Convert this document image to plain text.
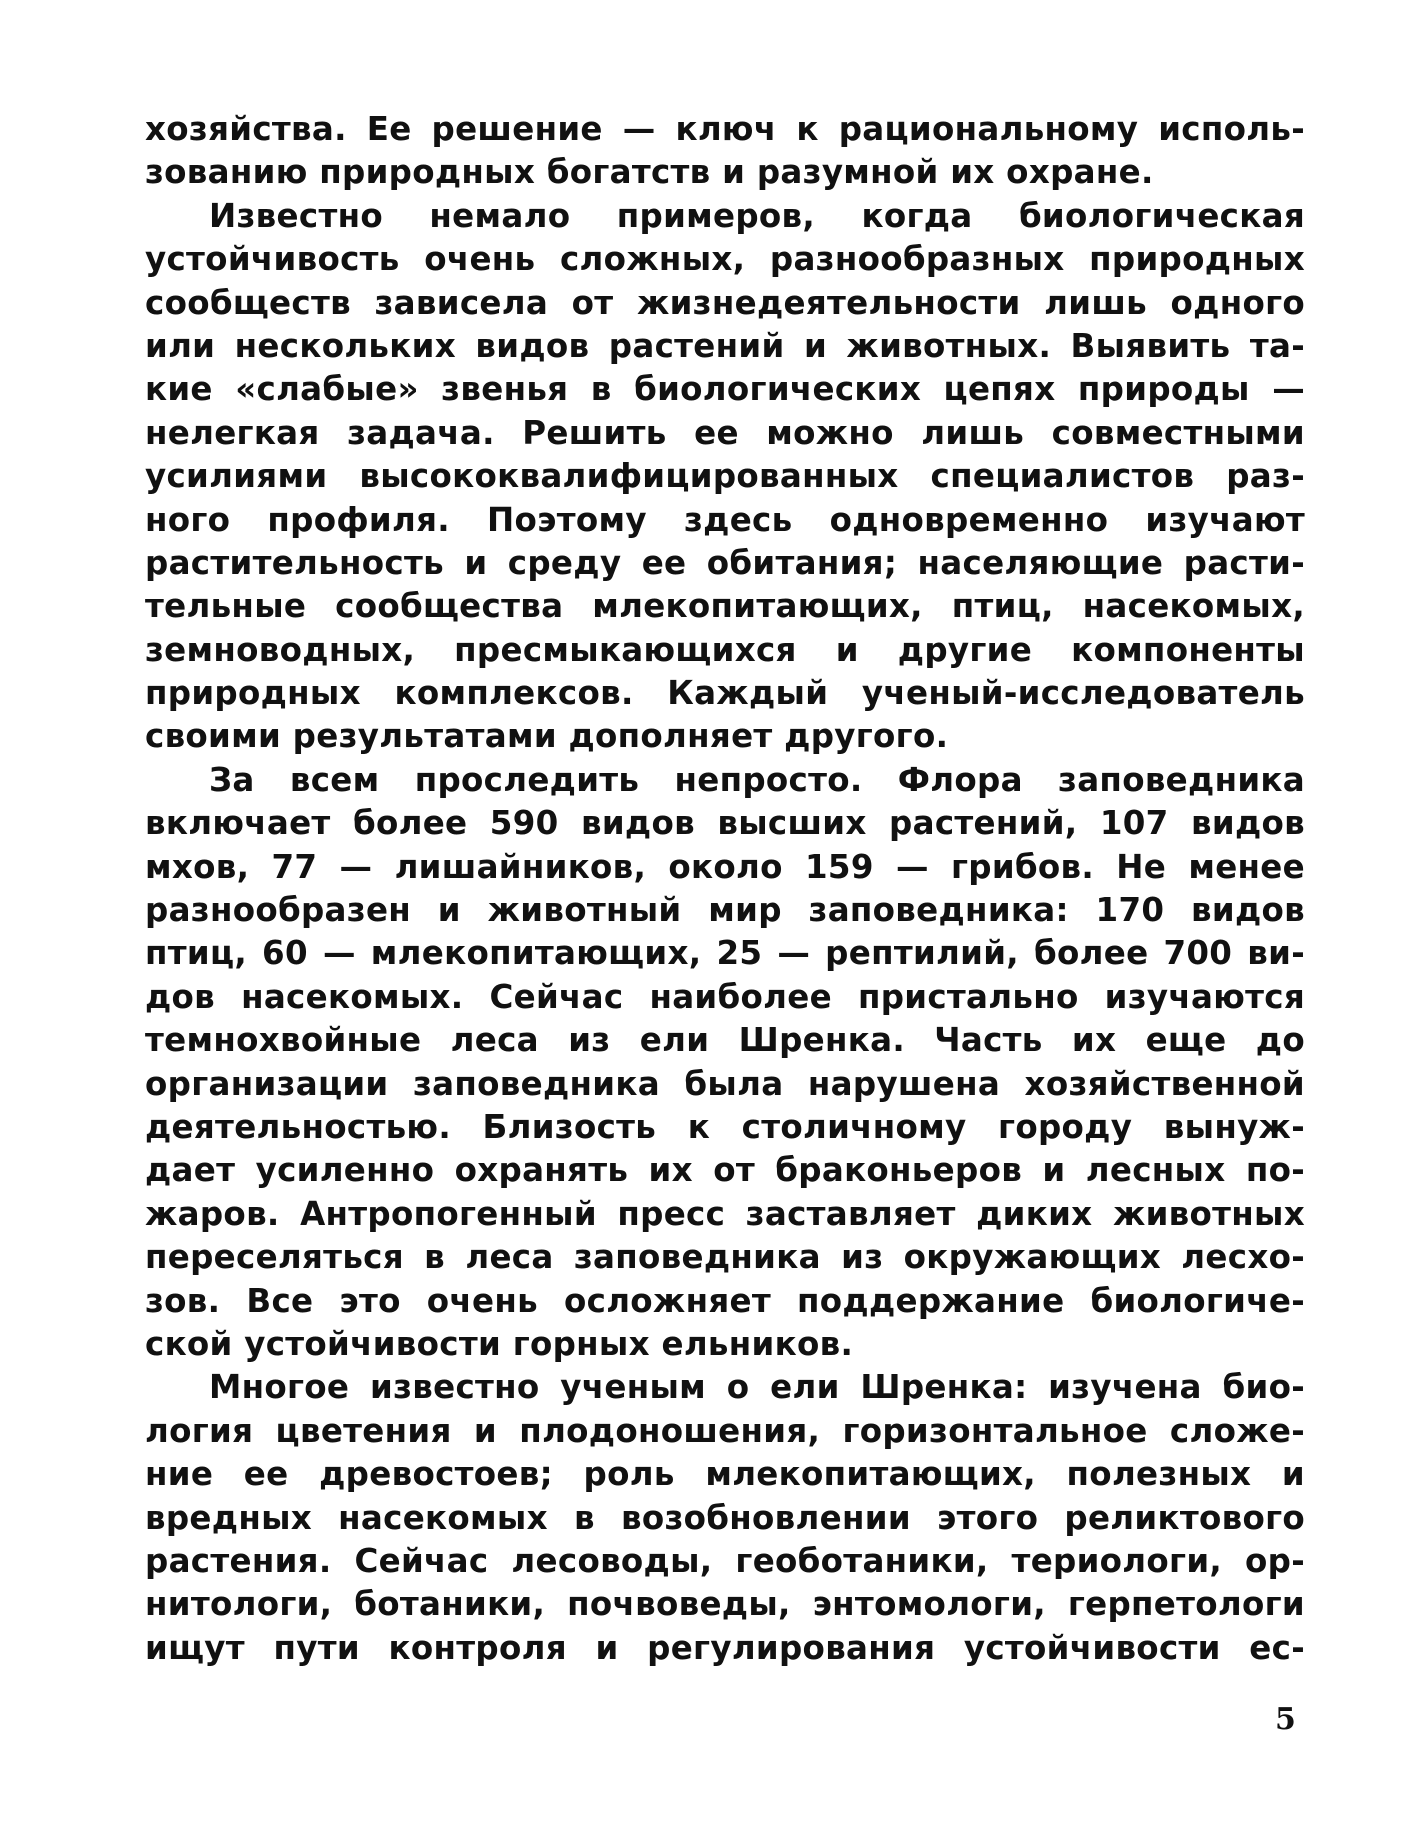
хозяйства. Ее решение — ключ к рациональному исполь-
зованию природных богатств и разумной их охране.
Известно немало примеров, когда биологическая
устойчивость очень сложных, разнообразных природных
сообществ зависела от жизнедеятельности лишь одного
или нескольких видов растений и животных. Выявить та-
кие «слабые» звенья в биологических цепях природы —
нелегкая задача. Решить ее можно лишь совместными
усилиями высококвалифицированных специалистов раз-
ного профиля. Поэтому здесь одновременно изучают
растительность и среду ее обитания; населяющие расти-
тельные сообщества млекопитающих, птиц, насекомых,
земноводных, пресмыкающихся и другие компоненты
природных комплексов. Каждый ученый-исследователь
своими результатами дополняет другого.
За всем проследить непросто. Флора заповедника
включает более 590 видов высших растений, 107 видов
мхов, 77 — лишайников, около 159 — грибов. Не менее
разнообразен и животный мир заповедника: 170 видов
птиц, 60 — млекопитающих, 25 — рептилий, более 700 ви-
дов насекомых. Сейчас наиболее пристально изучаются
темнохвойные леса из ели Шренка. Часть их еще до
организации заповедника была нарушена хозяйственной
деятельностью. Близость к столичному городу вынуж-
дает усиленно охранять их от браконьеров и лесных по-
жаров. Антропогенный пресс заставляет диких животных
переселяться в леса заповедника из окружающих лесхо-
зов. Все это очень осложняет поддержание биологиче-
ской устойчивости горных ельников.
Многое известно ученым о ели Шренка: изучена био-
логия цветения и плодоношения, горизонтальное сложе-
ние ее древостоев; роль млекопитающих, полезных и
вредных насекомых в возобновлении этого реликтового
растения. Сейчас лесоводы, геоботаники, териологи, ор-
нитологи, ботаники, почвоведы, энтомологи, герпетологи
ищут пути контроля и регулирования устойчивости ес-
5
